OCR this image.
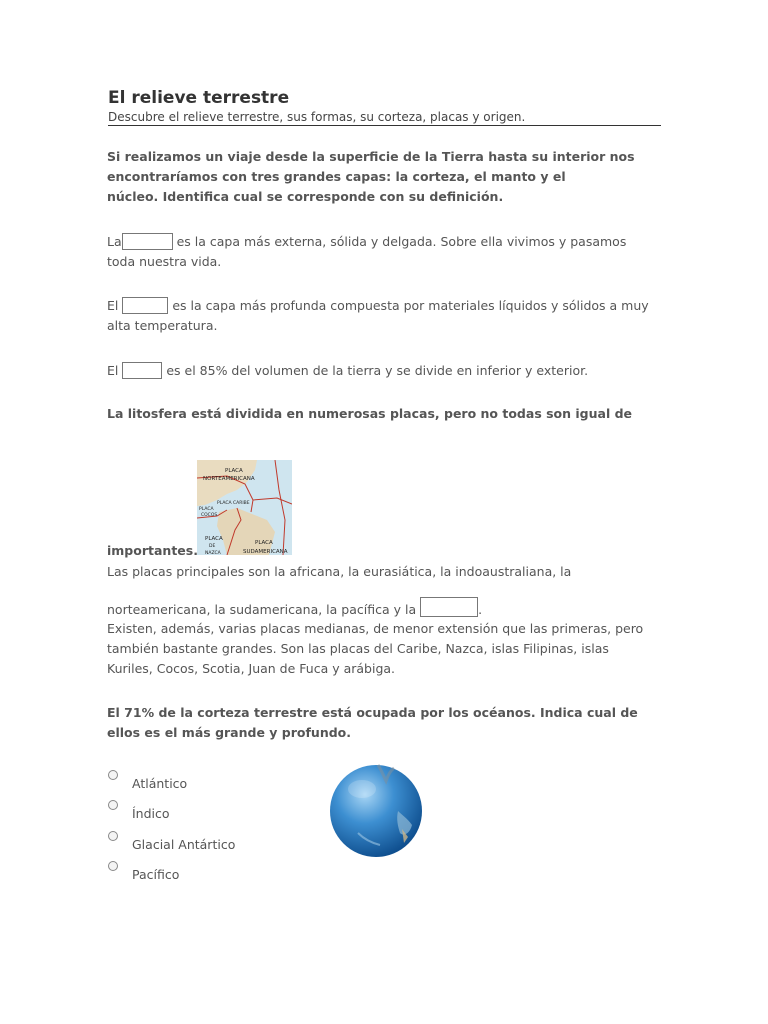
El relieve terrestre
Descubre el relieve terrestre, sus formas, su corteza, placas y origen.
Si realizamos un viaje desde la superficie de la Tierra hasta su interior nos
encontraríamos con tres grandes capas: la corteza, el manto y el
núcleo. Identifica cual se corresponde con su definición.
La	es la capa más externa, sólida y delgada. Sobre ella vivimos y pasamos
toda nuestra vida.
El	es la capa más profunda compuesta por materiales líquidos y sólidos a muy
alta temperatura.
El	es el 85% del volumen de la tierra y se divide en inferior y exterior.
La litosfera está dividida en numerosas placas, pero no todas son igual de
PLACA
NORTEAMERICANA
PLACA CARIBE
PLACA
COCOS
PLACA
DE
NAZCA
PLACA
SUDAMERICANA
importantes.
Las placas principales son la africana, la eurasiática, la indoaustraliana, la
norteamericana, la sudamericana, la pacífica y la	.
Existen, además, varias placas medianas, de menor extensión que las primeras, pero
también bastante grandes. Son las placas del Caribe, Nazca, islas Filipinas, islas
Kuriles, Cocos, Scotia, Juan de Fuca y arábiga.
El 71% de la corteza terrestre está ocupada por los océanos. Indica cual de
ellos es el más grande y profundo.
Atlántico
Índico
Glacial Antártico
Pacífico
